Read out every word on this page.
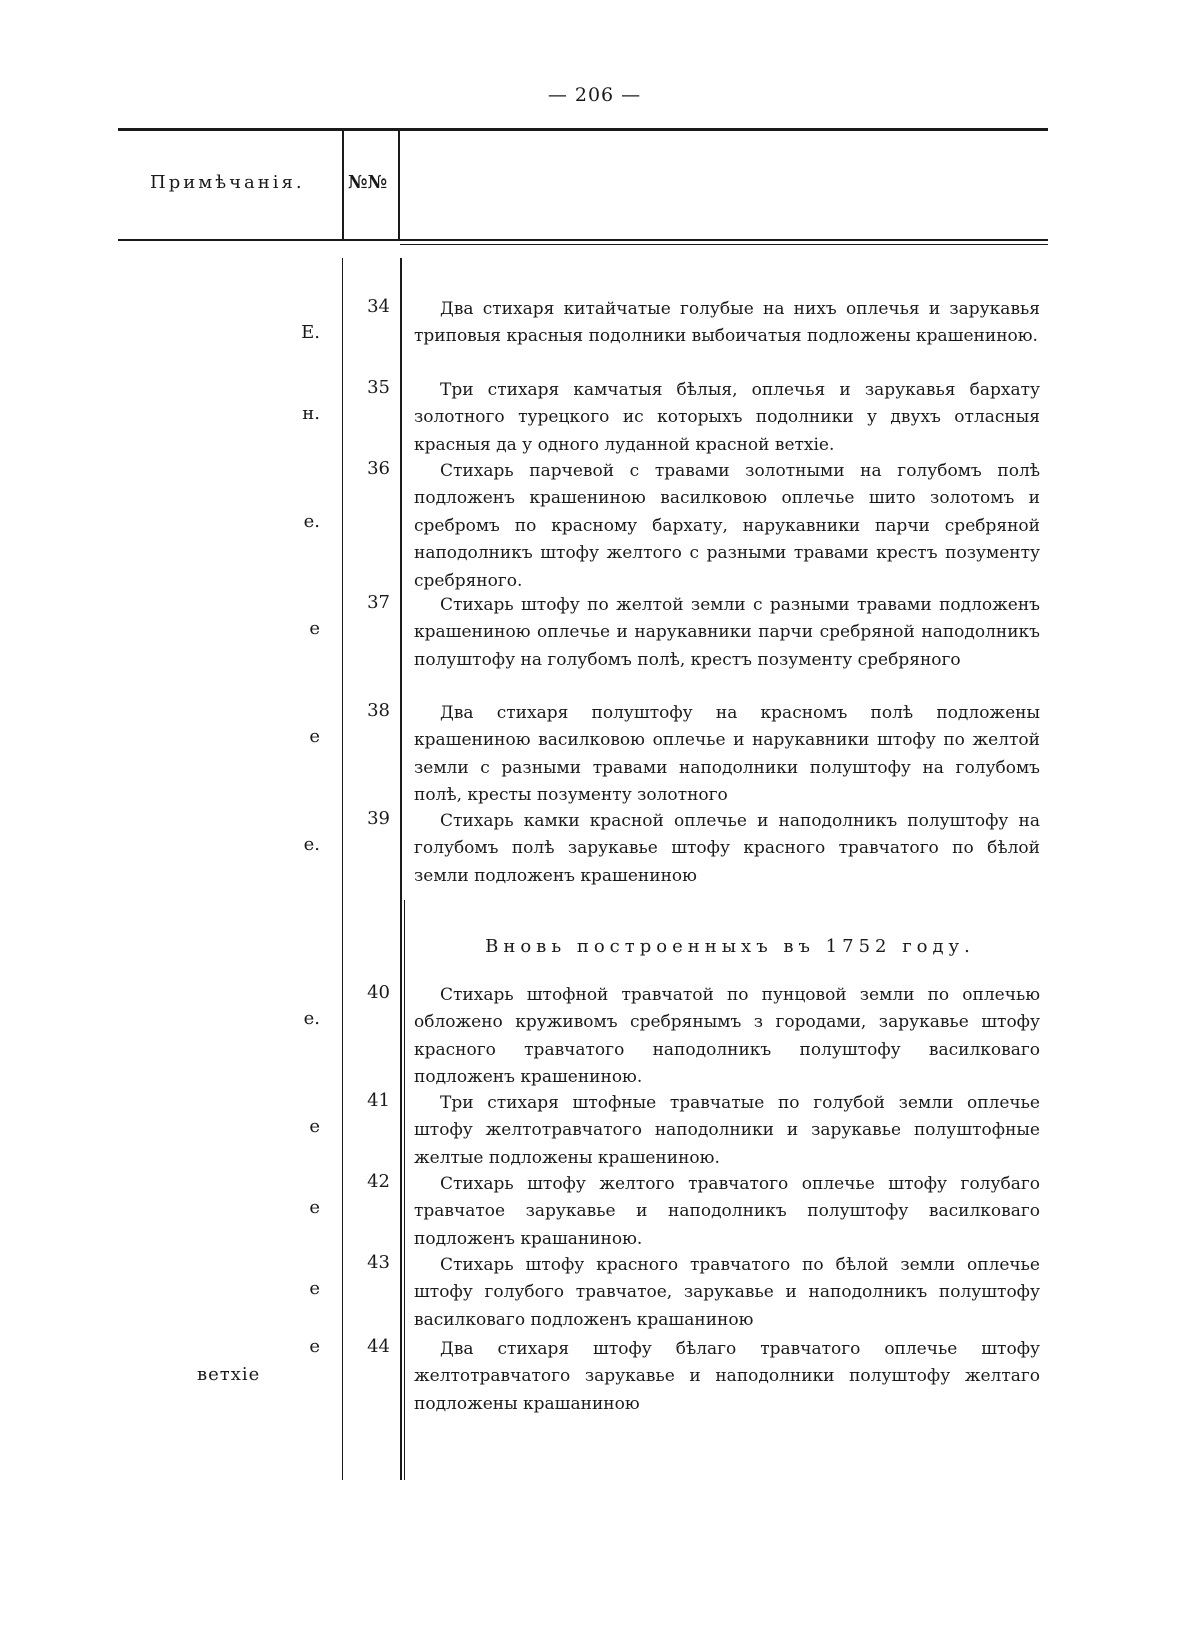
— 206 —
Примѣчанія. №№
34
Е.
Два стихаря китайчатые голубые на нихъ оплечья и зарукавья триповыя красныя подолники выбоичатыя подложены крашениною.
35
н.
Три стихаря камчатыя бѣлыя, оплечья и зарукавья бархату золотного турецкого ис которыхъ подолники у двухъ отласныя красныя да у одного луданной красной ветхіе.
36
е.
Стихарь парчевой с травами золотными на голубомъ полѣ подложенъ крашениною василковою оплечье шито золотомъ и сребромъ по красному бархату, нарукавники парчи сребряной наподолникъ штофу желтого с разными травами крестъ позументу сребряного.
37
е
Стихарь штофу по желтой земли с разными травами подложенъ крашениною оплечье и нарукавники парчи сребряной наподолникъ полуштофу на голубомъ полѣ, крестъ позументу сребряного
38
е
Два стихаря полуштофу на красномъ полѣ подложены крашениною василковою оплечье и нарукавники штофу по желтой земли с разными травами наподолники полуштофу на голубомъ полѣ, кресты позументу золотного
39
е.
Стихарь камки красной оплечье и наподолникъ полуштофу на голубомъ полѣ зарукавье штофу красного травчатого по бѣлой земли подложенъ крашениною
Вновь построенныхъ въ 1752 году.
40
е.
Стихарь штофной травчатой по пунцовой земли по оплечью обложено круживомъ сребрянымъ з городами, зарукавье штофу красного травчатого наподолникъ полуштофу василковаго подложенъ крашениною.
41
е
Три стихаря штофные травчатые по голубой земли оплечье штофу желтотравчатого наподолники и зарукавье полуштофные желтые подложены крашениною.
42
е
Стихарь штофу желтого травчатого оплечье штофу голубаго травчатое зарукавье и наподолникъ полуштофу василковаго подложенъ крашаниною.
43
е
Стихарь штофу красного травчатого по бѣлой земли оплечье штофу голубого травчатое, зарукавье и наподолникъ полуштофу василковаго подложенъ крашаниною
44
е
ветхіе
Два стихаря штофу бѣлаго травчатого оплечье штофу желтотравчатого зарукавье и наподолники полуштофу желтаго подложены крашаниною
